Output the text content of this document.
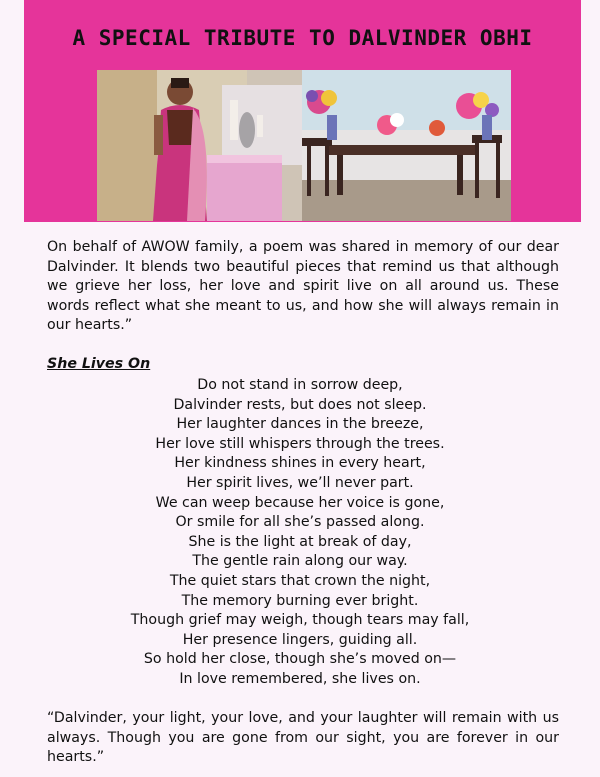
A SPECIAL TRIBUTE TO DALVINDER OBHI
On behalf of AWOW family, a poem was shared in memory of our dear Dalvinder. It blends two beautiful pieces that remind us that although we grieve her loss, her love and spirit live on all around us. These words reflect what she meant to us, and how she will always remain in our hearts.”
She Lives On
Do not stand in sorrow deep,
Dalvinder rests, but does not sleep.
Her laughter dances in the breeze,
Her love still whispers through the trees.
Her kindness shines in every heart,
Her spirit lives, we’ll never part.
We can weep because her voice is gone,
Or smile for all she’s passed along.
She is the light at break of day,
The gentle rain along our way.
The quiet stars that crown the night,
The memory burning ever bright.
Though grief may weigh, though tears may fall,
Her presence lingers, guiding all.
So hold her close, though she’s moved on—
In love remembered, she lives on.
“Dalvinder, your light, your love, and your laughter will remain with us always. Though you are gone from our sight, you are forever in our hearts.”
